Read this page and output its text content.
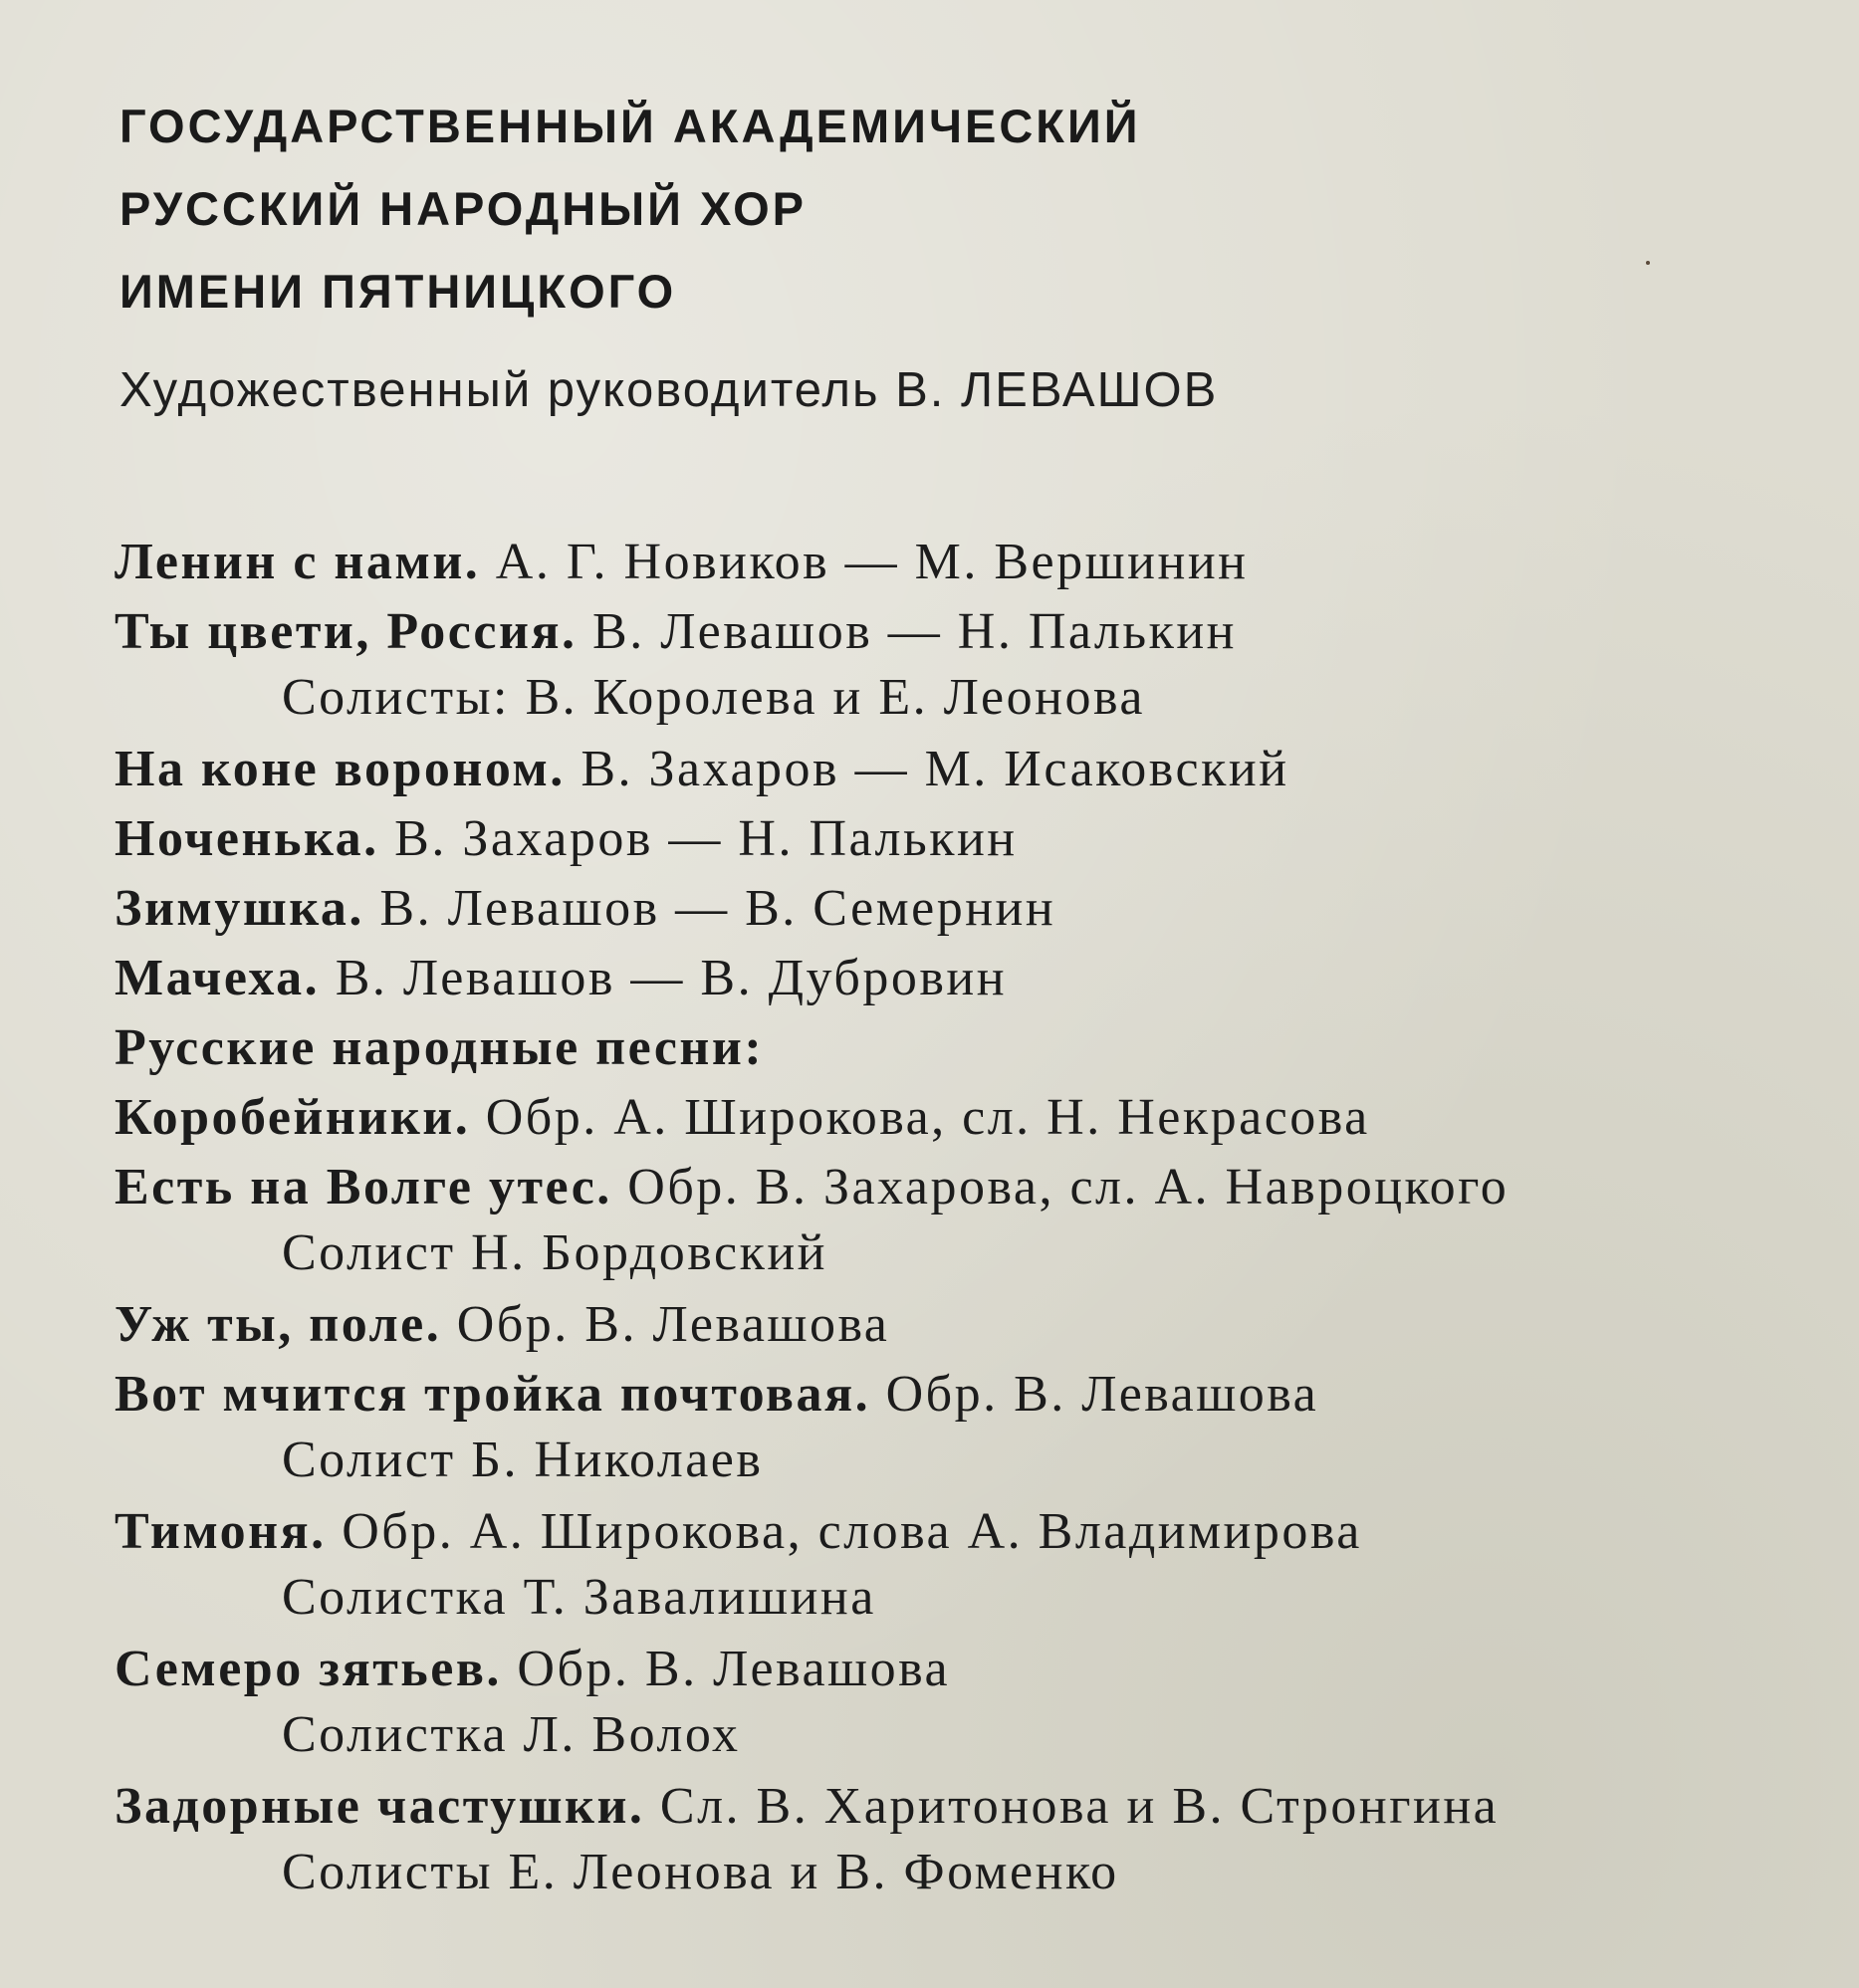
ГОСУДАРСТВЕННЫЙ АКАДЕМИЧЕСКИЙ
РУССКИЙ НАРОДНЫЙ ХОР
ИМЕНИ ПЯТНИЦКОГО
Художественный руководитель В. ЛЕВАШОВ
Ленин с нами. А. Г. Новиков — М. Вершинин
Ты цвети, Россия. В. Левашов — Н. Палькин
Солисты: В. Королева и Е. Леонова
На коне вороном. В. Захаров — М. Исаковский
Ноченька. В. Захаров — Н. Палькин
Зимушка. В. Левашов — В. Семернин
Мачеха. В. Левашов — В. Дубровин
Русские народные песни:
Коробейники. Обр. А. Широкова, сл. Н. Некрасова
Есть на Волге утес. Обр. В. Захарова, сл. А. Навроцкого
Солист Н. Бордовский
Уж ты, поле. Обр. В. Левашова
Вот мчится тройка почтовая. Обр. В. Левашова
Солист Б. Николаев
Тимоня. Обр. А. Широкова, слова А. Владимирова
Солистка Т. Завалишина
Семеро зятьев. Обр. В. Левашова
Солистка Л. Волох
Задорные частушки. Сл. В. Харитонова и В. Стронгина
Солисты Е. Леонова и В. Фоменко
